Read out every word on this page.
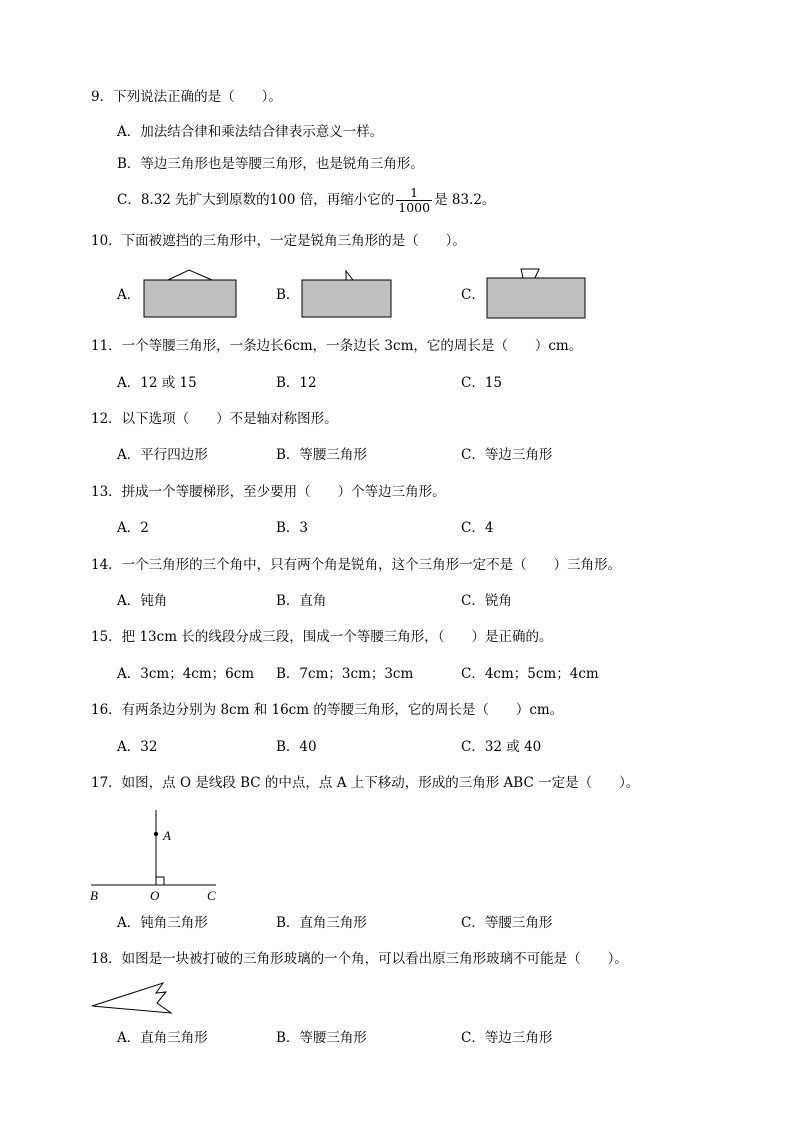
9．下列说法正确的是（　　）。
A．加法结合律和乘法结合律表示意义一样。
B．等边三角形也是等腰三角形，也是锐角三角形。
C．8.32 先扩大到原数的100 倍，再缩小它的 $\frac{1}{1000}$ 是 83.2。
10．下面被遮挡的三角形中，一定是锐角三角形的是（　　）。
A．	B．	C．
11．一个等腰三角形，一条边长6cm，一条边长 3cm，它的周长是（　　）cm。
A．12 或 15	B．12	C．15
12．以下选项（　　）不是轴对称图形。
A．平行四边形	B．等腰三角形	C．等边三角形
13．拼成一个等腰梯形，至少要用（　　）个等边三角形。
A．2	B．3	C．4
14．一个三角形的三个角中，只有两个角是锐角，这个三角形一定不是（　　）三角形。
A．钝角	B．直角	C．锐角
15．把 13cm 长的线段分成三段，围成一个等腰三角形，（　　）是正确的。
A．3cm；4cm；6cm B．7cm；3cm；3cm	C．4cm；5cm；4cm
16．有两条边分别为 8cm 和 16cm 的等腰三角形，它的周长是（　　）cm。
A．32	B．40	C．32 或 40
17．如图，点 O 是线段 BC 的中点，点 A 上下移动，形成的三角形 ABC 一定是（　　）。
A
B	O	C
A．钝角三角形	B．直角三角形	C．等腰三角形
18．如图是一块被打破的三角形玻璃的一个角，可以看出原三角形玻璃不可能是（　　）。
A．直角三角形	B．等腰三角形	C．等边三角形
